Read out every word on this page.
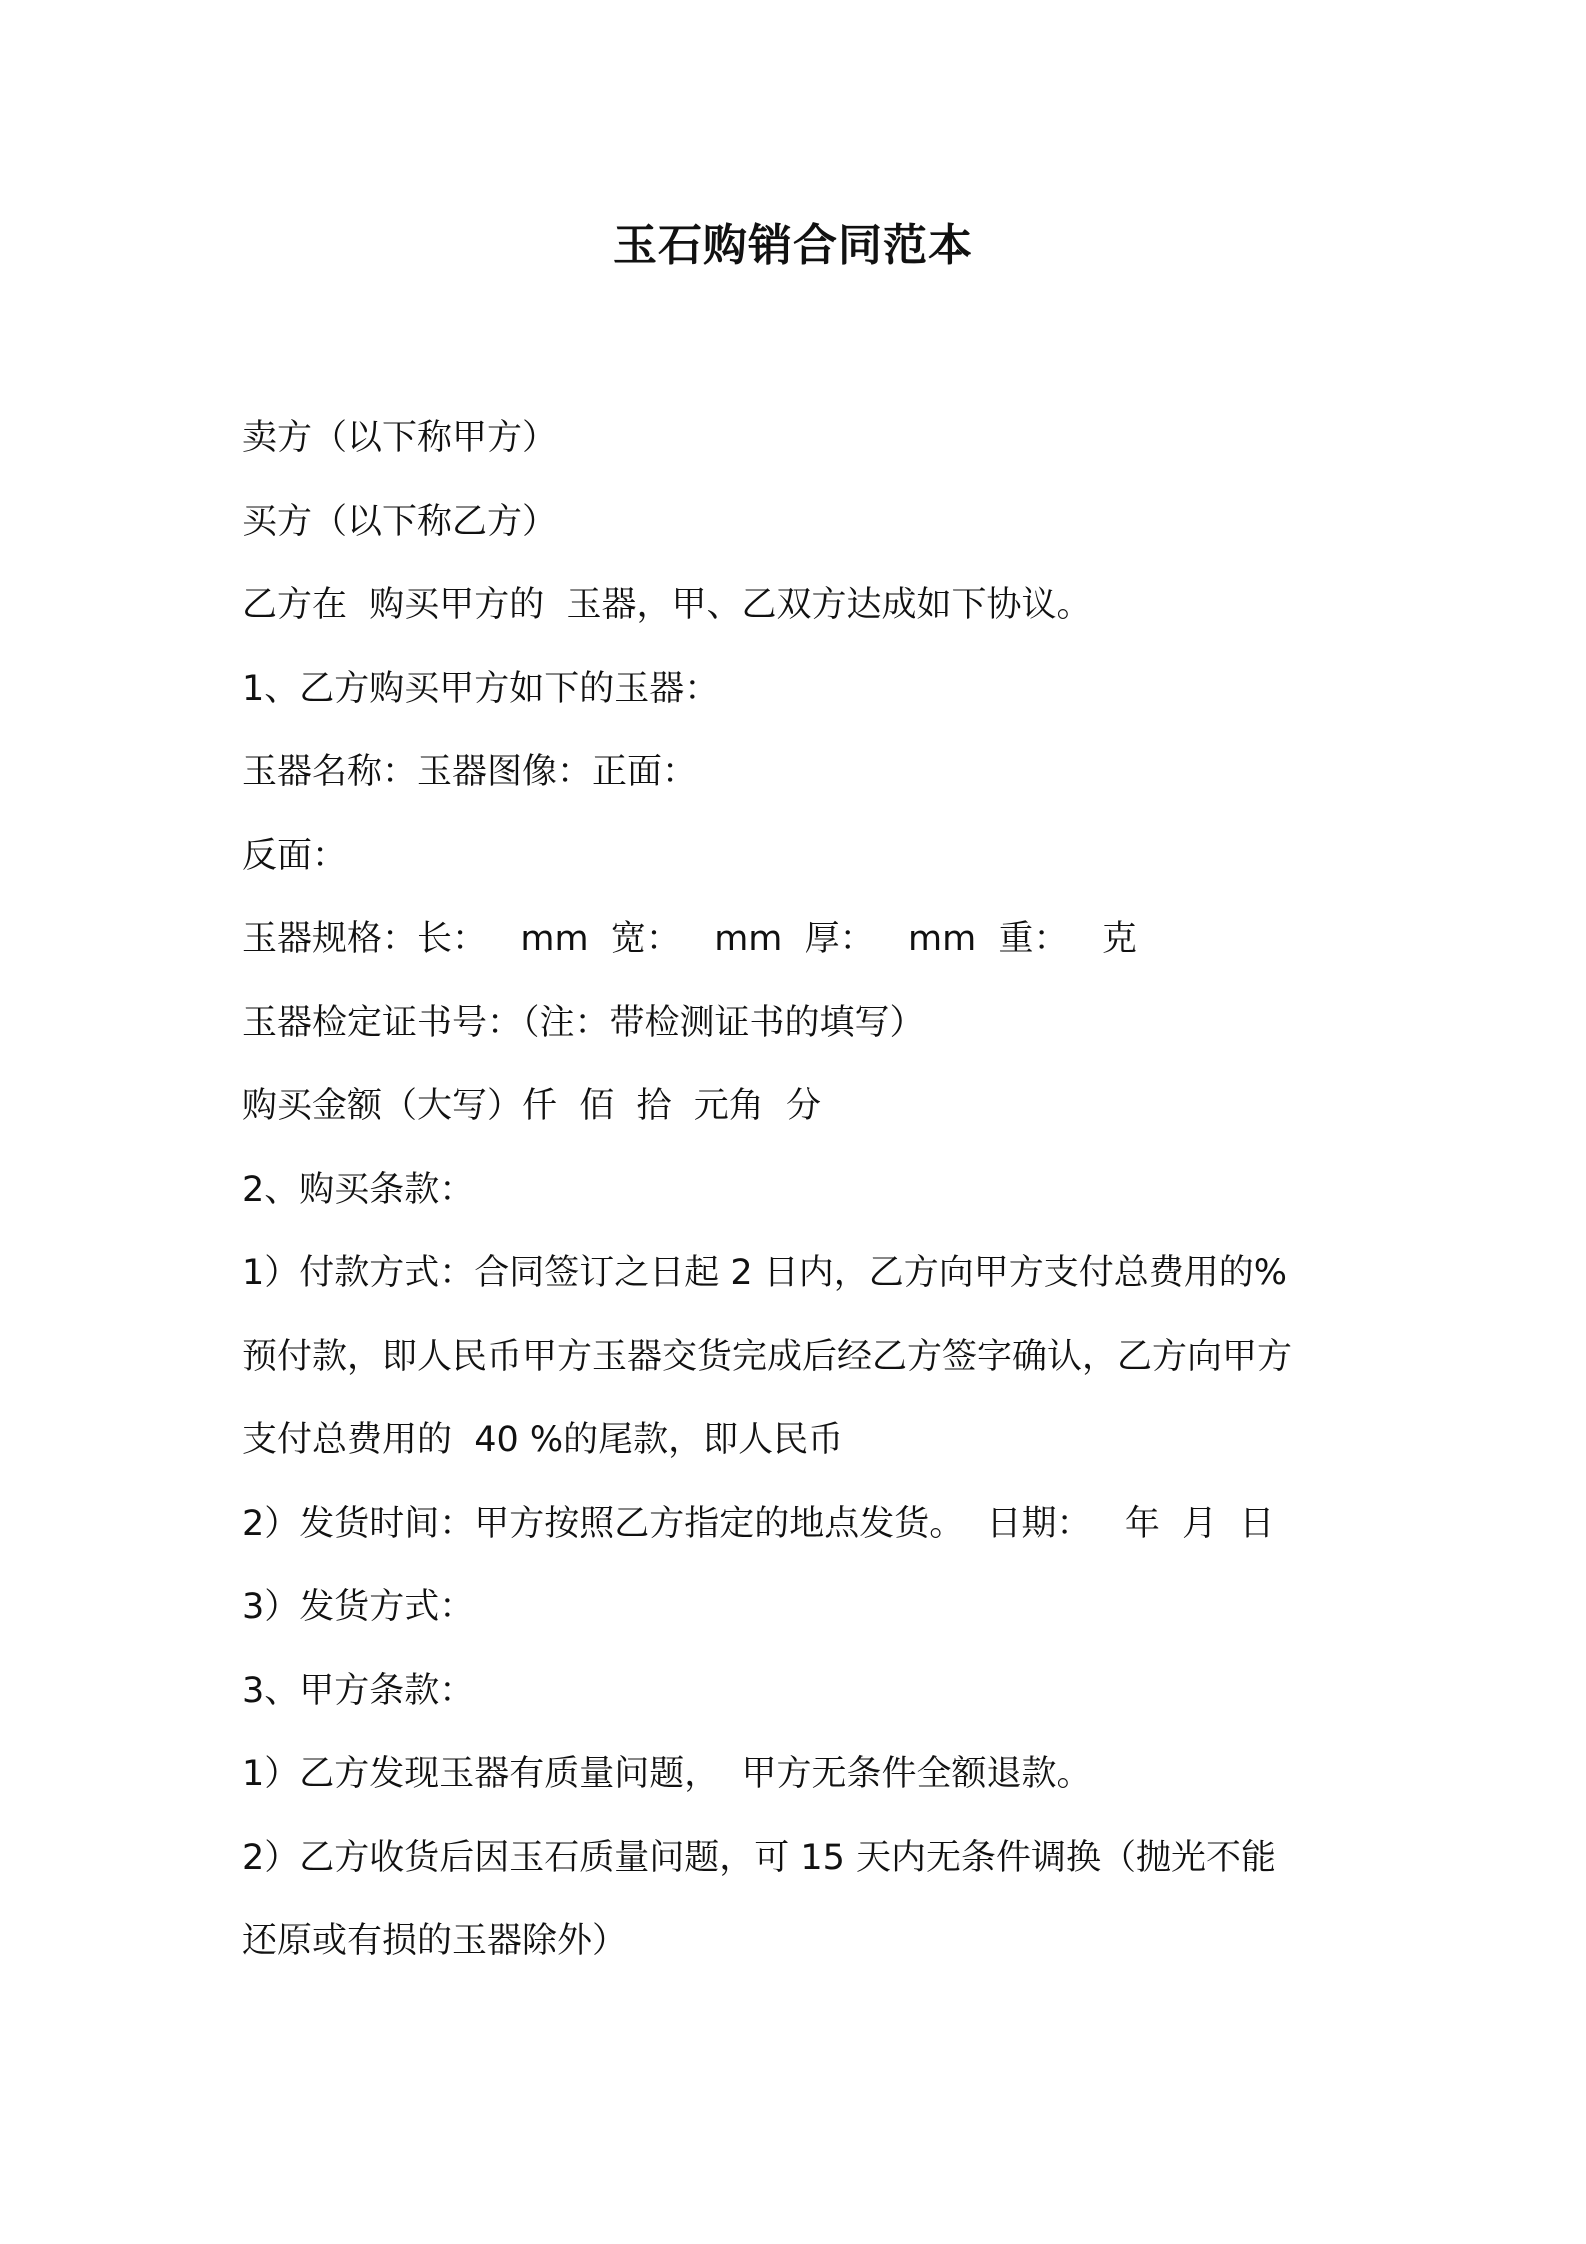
玉石购销合同范本
卖方（以下称甲方）
买方（以下称乙方）
乙方在  购买甲方的  玉器，甲、乙双方达成如下协议。
1、乙方购买甲方如下的玉器：
玉器名称：玉器图像：正面：
反面：
玉器规格：长：   mm  宽：   mm  厚：   mm  重：   克
玉器检定证书号：（注：带检测证书的填写）
购买金额（大写）仟  佰  拾  元角  分
2、购买条款：
1）付款方式：合同签订之日起 2 日内，乙方向甲方支付总费用的%
预付款，即人民币甲方玉器交货完成后经乙方签字确认，乙方向甲方
支付总费用的  40 %的尾款，即人民币
2）发货时间：甲方按照乙方指定的地点发货。  日期：   年  月  日
3）发货方式：
3、甲方条款：
1）乙方发现玉器有质量问题，  甲方无条件全额退款。
2）乙方收货后因玉石质量问题，可 15 天内无条件调换（抛光不能
还原或有损的玉器除外）
